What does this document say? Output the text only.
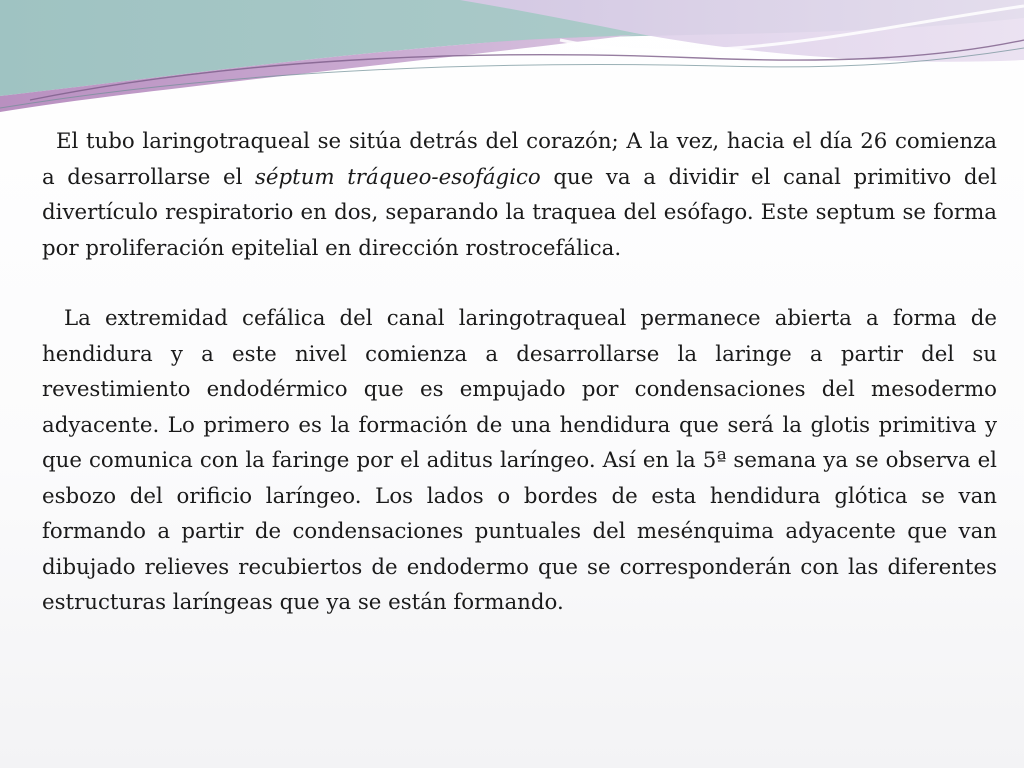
El tubo laringotraqueal se sitúa detrás del corazón; A la vez, hacia el día 26 comienza a desarrollarse el séptum tráqueo-esofágico que va a dividir el canal primitivo del divertículo respiratorio en dos, separando la traquea del esófago. Este septum se forma por proliferación epitelial en dirección rostrocefálica.

La extremidad cefálica del canal laringotraqueal permanece abierta a forma de hendidura y a este nivel comienza a desarrollarse la laringe a partir del su revestimiento endodérmico que es empujado por condensaciones del mesodermo adyacente. Lo primero es la formación de una hendidura que será la glotis primitiva y que comunica con la faringe por el aditus laríngeo. Así en la 5ª semana ya se observa el esbozo del orificio laríngeo. Los lados o bordes de esta hendidura glótica se van formando a partir de condensaciones puntuales del mesénquima adyacente que van dibujado relieves recubiertos de endodermo que se corresponderán con las diferentes estructuras laríngeas que ya se están formando.
